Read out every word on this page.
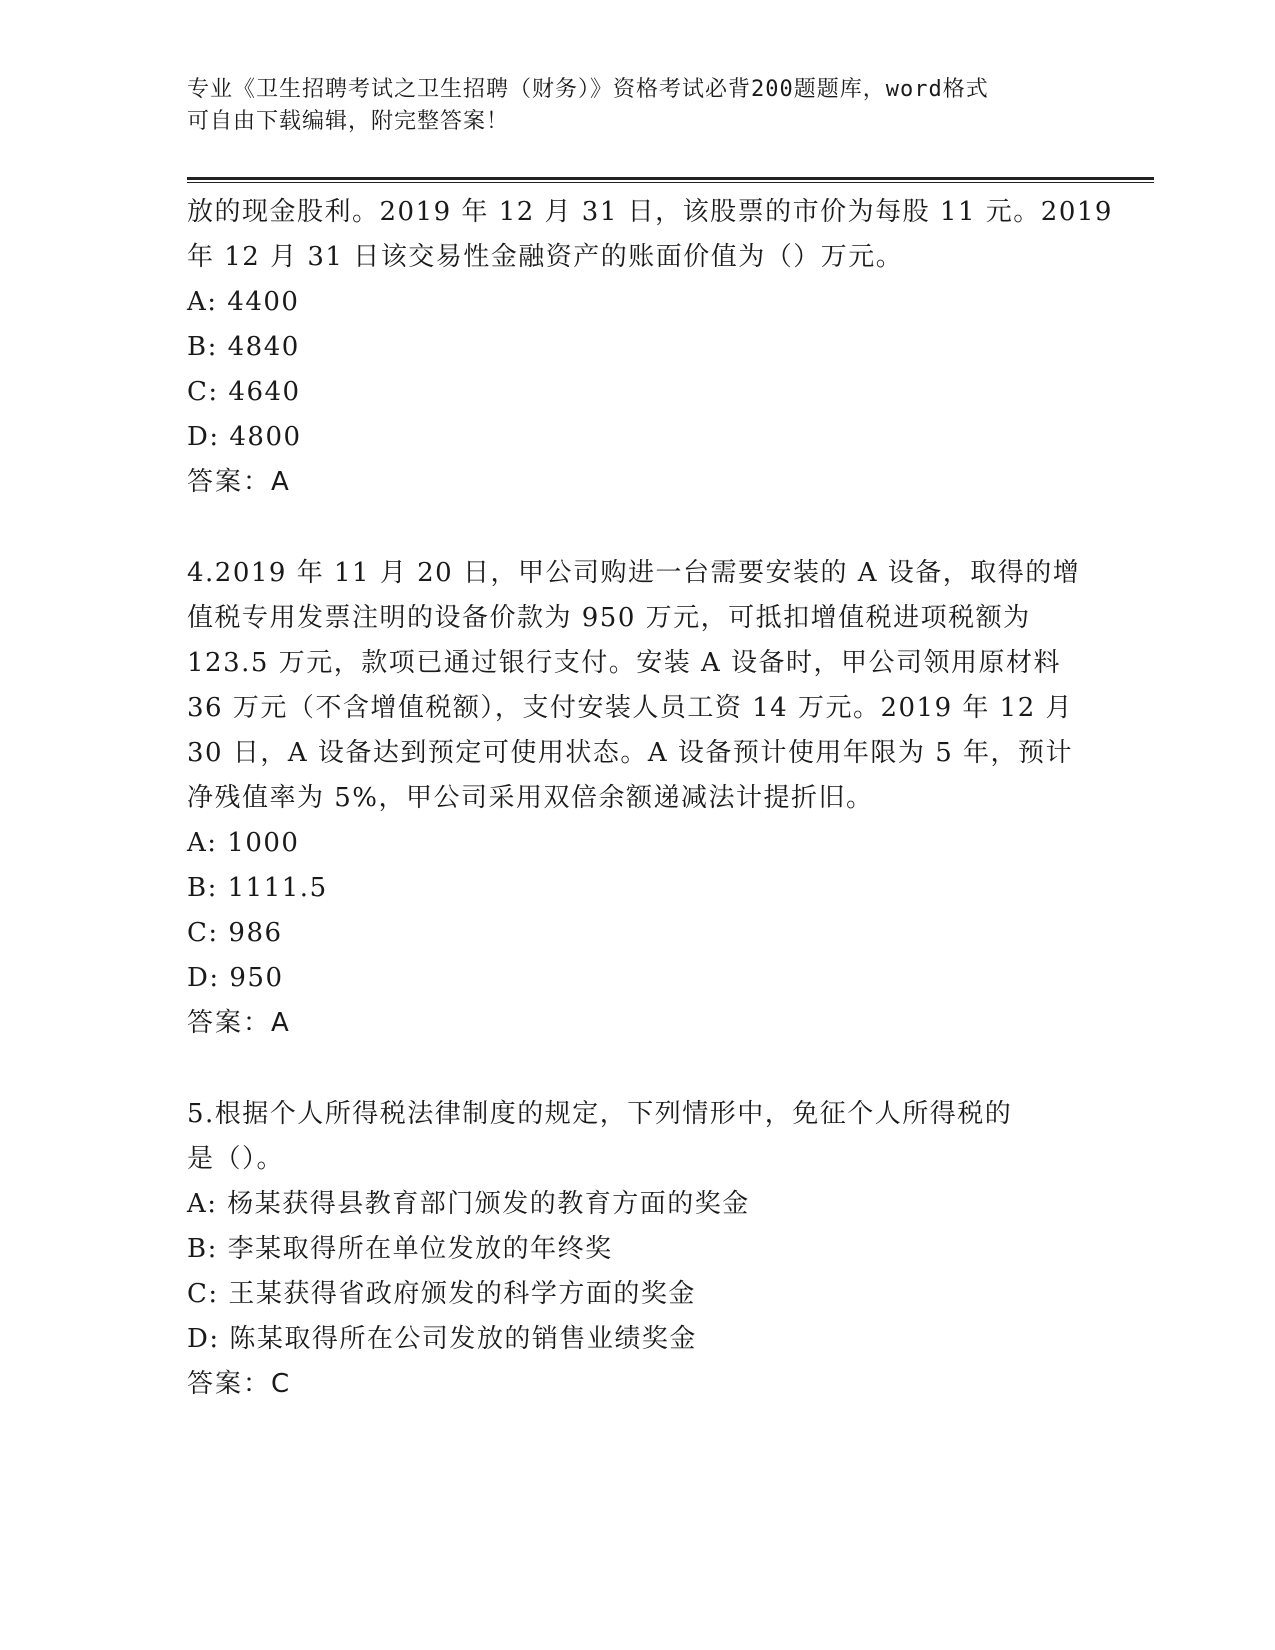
专业《卫生招聘考试之卫生招聘（财务）》资格考试必背200题题库，word格式
可自由下载编辑，附完整答案！
放的现金股利。2019 年 12 月 31 日，该股票的市价为每股 11 元。2019
年 12 月 31 日该交易性金融资产的账面价值为（）万元。
A: 4400
B: 4840
C: 4640
D: 4800
答案：A
4.2019 年 11 月 20 日，甲公司购进一台需要安装的 A 设备，取得的增
值税专用发票注明的设备价款为 950 万元，可抵扣增值税进项税额为
123.5 万元，款项已通过银行支付。安装 A 设备时，甲公司领用原材料
36 万元（不含增值税额），支付安装人员工资 14 万元。2019 年 12 月
30 日，A 设备达到预定可使用状态。A 设备预计使用年限为 5 年，预计
净残值率为 5%，甲公司采用双倍余额递减法计提折旧。
A: 1000
B: 1111.5
C: 986
D: 950
答案：A
5.根据个人所得税法律制度的规定，下列情形中，免征个人所得税的
是（）。
A: 杨某获得县教育部门颁发的教育方面的奖金
B: 李某取得所在单位发放的年终奖
C: 王某获得省政府颁发的科学方面的奖金
D: 陈某取得所在公司发放的销售业绩奖金
答案：C
